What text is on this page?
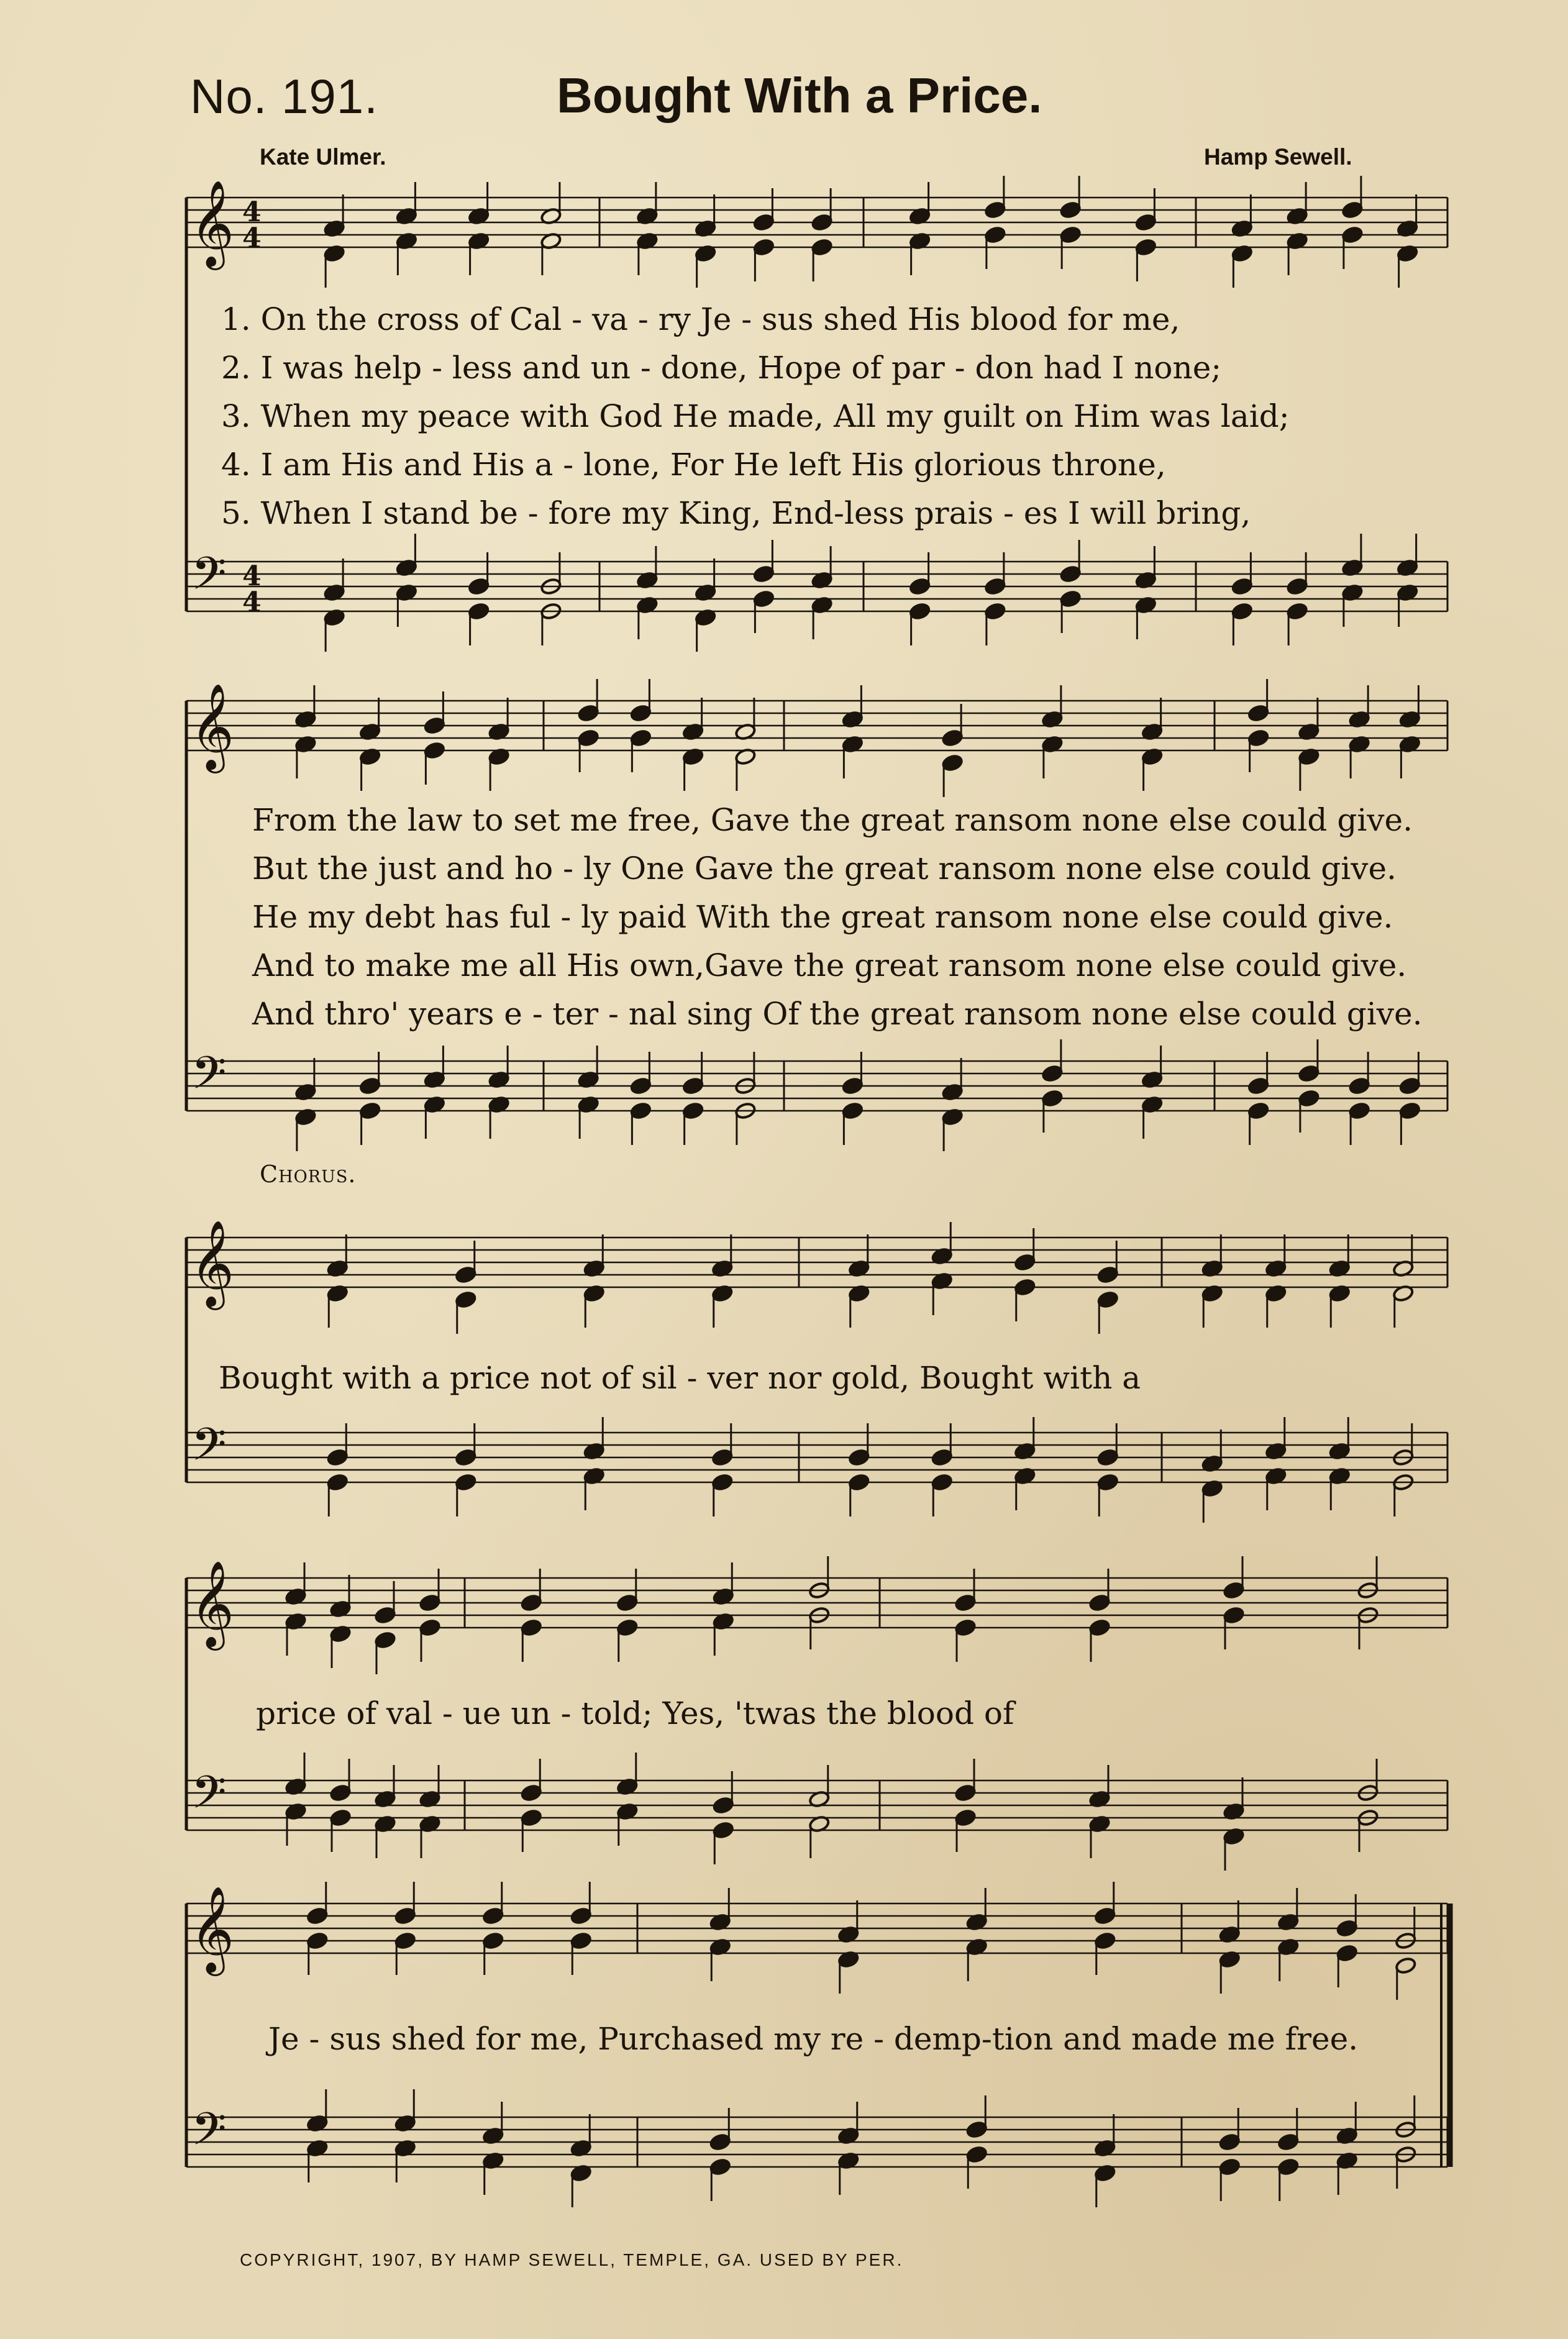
No. 191.	Bought With a Price.
Kate Ulmer.	Hamp Sewell.
𝄞
𝄢
4
4
4
4
𝄞
𝄢
𝄞
𝄢
𝄞
𝄢
𝄞
𝄢
1. On the cross of Cal - va - ry Je - sus shed His blood for me,
2. I was help - less and un - done, Hope of par - don had I none;
3. When my peace with God He made, All my guilt on Him was laid;
4. I am His and His a - lone, For He left His glorious throne,
5. When I stand be - fore my King, End-less prais - es I will bring,
From the law to set me free, Gave the great ransom none else could give.
But the just and ho - ly One Gave the great ransom none else could give.
He my debt has ful - ly paid With the great ransom none else could give.
And to make me all His own,Gave the great ransom none else could give.
And thro' years e - ter - nal sing Of the great ransom none else could give.
Chorus.
Bought with a price not of sil - ver nor gold, Bought with a
price of val - ue un - told; Yes, 'twas the blood of
Je - sus shed for me, Purchased my re - demp-tion and made me free.
COPYRIGHT, 1907, BY HAMP SEWELL, TEMPLE, GA. USED BY PER.
